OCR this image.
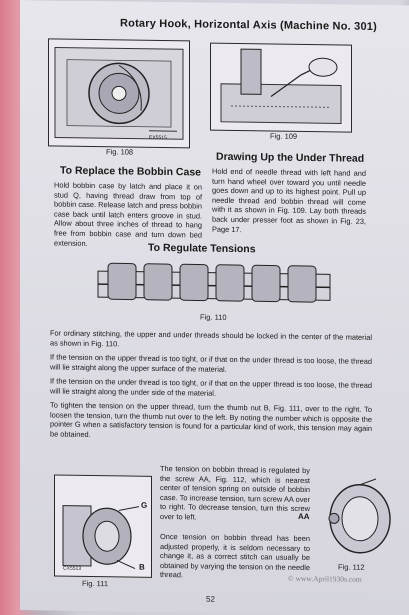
Rotary Hook, Horizontal Axis (Machine No. 301)
EX5515
Fig. 108
Fig. 109
To Replace the Bobbin Case
Hold bobbin case by latch and place it on stud Q, having thread draw from top of bobbin case. Release latch and press bobbin case back until latch enters groove in stud. Allow about three inches of thread to hang free from bobbin case and turn down bed extension.
Drawing Up the Under Thread
Hold end of needle thread with left hand and turn hand wheel over toward you until needle goes down and up to its highest point. Pull up needle thread and bobbin thread will come with it as shown in Fig. 109. Lay both threads back under presser foot as shown in Fig. 23, Page 17.
To Regulate Tensions
Fig. 110
For ordinary stitching, the upper and under threads should be locked in the center of the material as shown in Fig. 110.
If the tension on the upper thread is too tight, or if that on the under thread is too loose, the thread will lie straight along the upper surface of the material.
If the tension on the under thread is too tight, or if that on the upper thread is too loose, the thread will lie straight along the under side of the material.
To tighten the tension on the upper thread, turn the thumb nut B, Fig. 111, over to the right. To loosen the tension, turn the thumb nut over to the left. By noting the number which is opposite the pointer G when a satisfactory tension is found for a particular kind of work, this tension may again be obtained.
G
B
CX5513
Fig. 111
The tension on bobbin thread is regulated by the screw AA, Fig. 112, which is nearest center of tension spring on outside of bobbin case. To increase tension, turn screw AA over to right. To decrease tension, turn this screw over to left.
Once tension on bobbin thread has been adjusted properly, it is seldom necessary to change it, as a correct stitch can usually be obtained by varying the tension on the needle thread.
AA
Fig. 112
© www.April1930s.com
52
